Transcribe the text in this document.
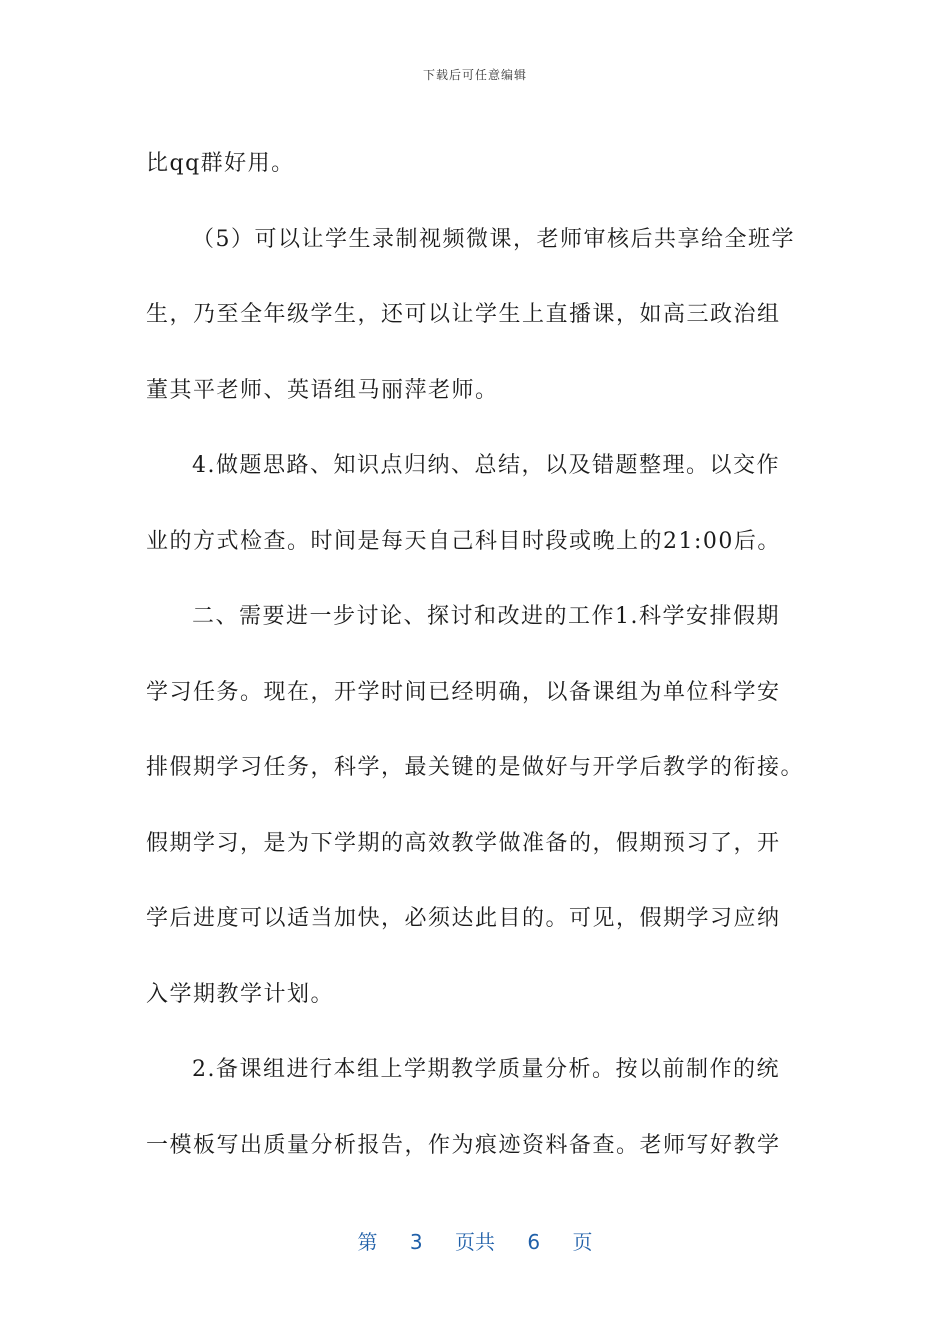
下载后可任意编辑
比qq群好用。
（5）可以让学生录制视频微课，老师审核后共享给全班学
生，乃至全年级学生，还可以让学生上直播课，如高三政治组
董其平老师、英语组马丽萍老师。
4.做题思路、知识点归纳、总结，以及错题整理。以交作
业的方式检查。时间是每天自己科目时段或晚上的21:00后。
二、需要进一步讨论、探讨和改进的工作1.科学安排假期
学习任务。现在，开学时间已经明确，以备课组为单位科学安
排假期学习任务，科学，最关键的是做好与开学后教学的衔接。
假期学习，是为下学期的高效教学做准备的，假期预习了，开
学后进度可以适当加快，必须达此目的。可见，假期学习应纳
入学期教学计划。
2.备课组进行本组上学期教学质量分析。按以前制作的统
一模板写出质量分析报告，作为痕迹资料备查。老师写好教学
第 3 页共 6 页
